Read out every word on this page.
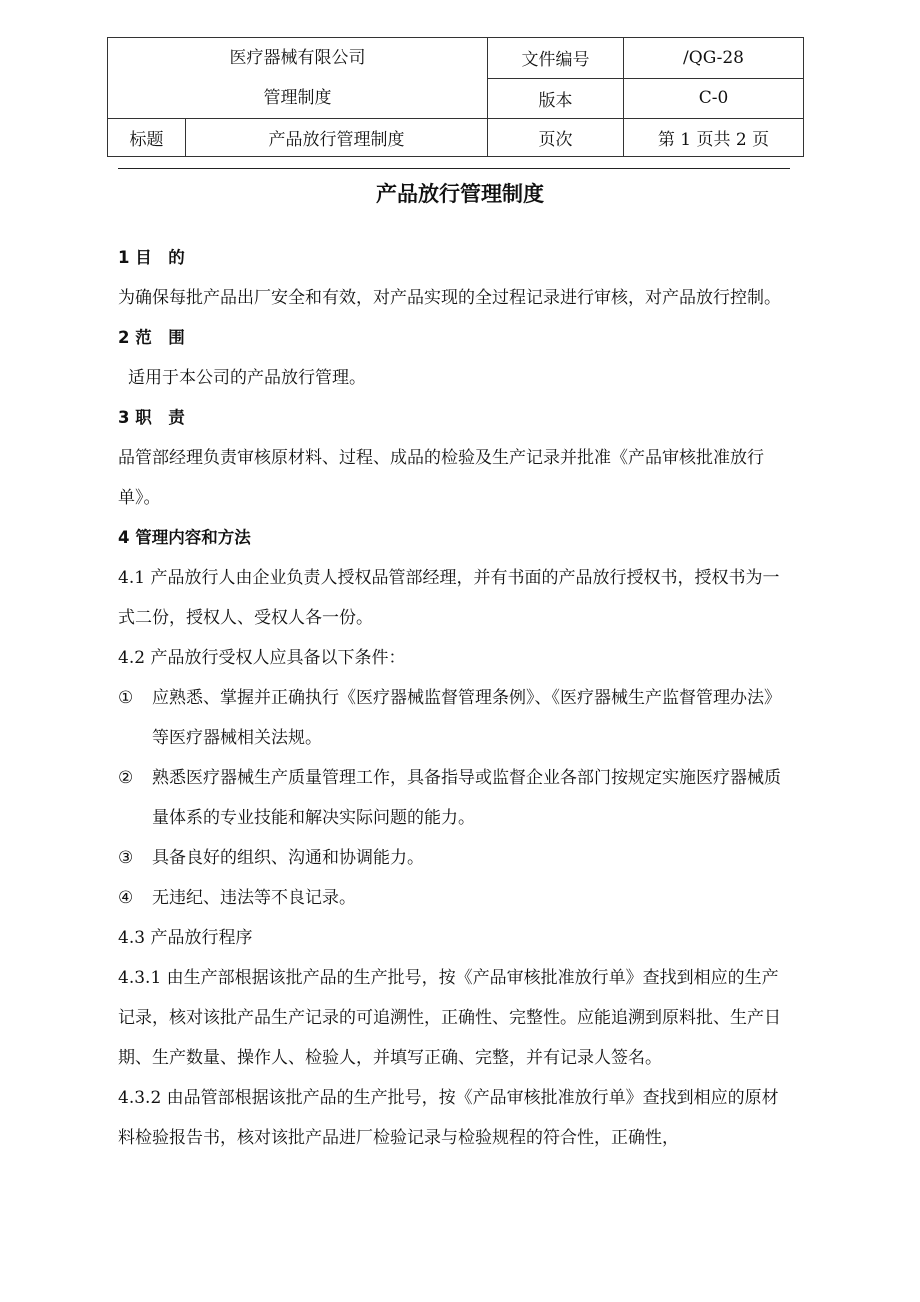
医疗器械有限公司
管理制度		文件编号	/QG-28
		版本	C-0
标题	产品放行管理制度	页次	第 1 页共 2 页
产品放行管理制度

1 目　的

为确保每批产品出厂安全和有效，对产品实现的全过程记录进行审核，对产品放行控制。

2 范　围

适用于本公司的产品放行管理。

3 职　责

品管部经理负责审核原材料、过程、成品的检验及生产记录并批准《产品审核批准放行单》。

4 管理内容和方法

4.1 产品放行人由企业负责人授权品管部经理，并有书面的产品放行授权书，授权书为一式二份，授权人、受权人各一份。

4.2 产品放行受权人应具备以下条件：

①	应熟悉、掌握并正确执行《医疗器械监督管理条例》、《医疗器械生产监督管理办法》等医疗器械相关法规。
②	熟悉医疗器械生产质量管理工作，具备指导或监督企业各部门按规定实施医疗器械质量体系的专业技能和解决实际问题的能力。
③	具备良好的组织、沟通和协调能力。
④	无违纪、违法等不良记录。

4.3 产品放行程序

4.3.1 由生产部根据该批产品的生产批号，按《产品审核批准放行单》查找到相应的生产记录，核对该批产品生产记录的可追溯性，正确性、完整性。应能追溯到原料批、生产日期、生产数量、操作人、检验人，并填写正确、完整，并有记录人签名。

4.3.2 由品管部根据该批产品的生产批号，按《产品审核批准放行单》查找到相应的原材料检验报告书，核对该批产品进厂检验记录与检验规程的符合性，正确性，
